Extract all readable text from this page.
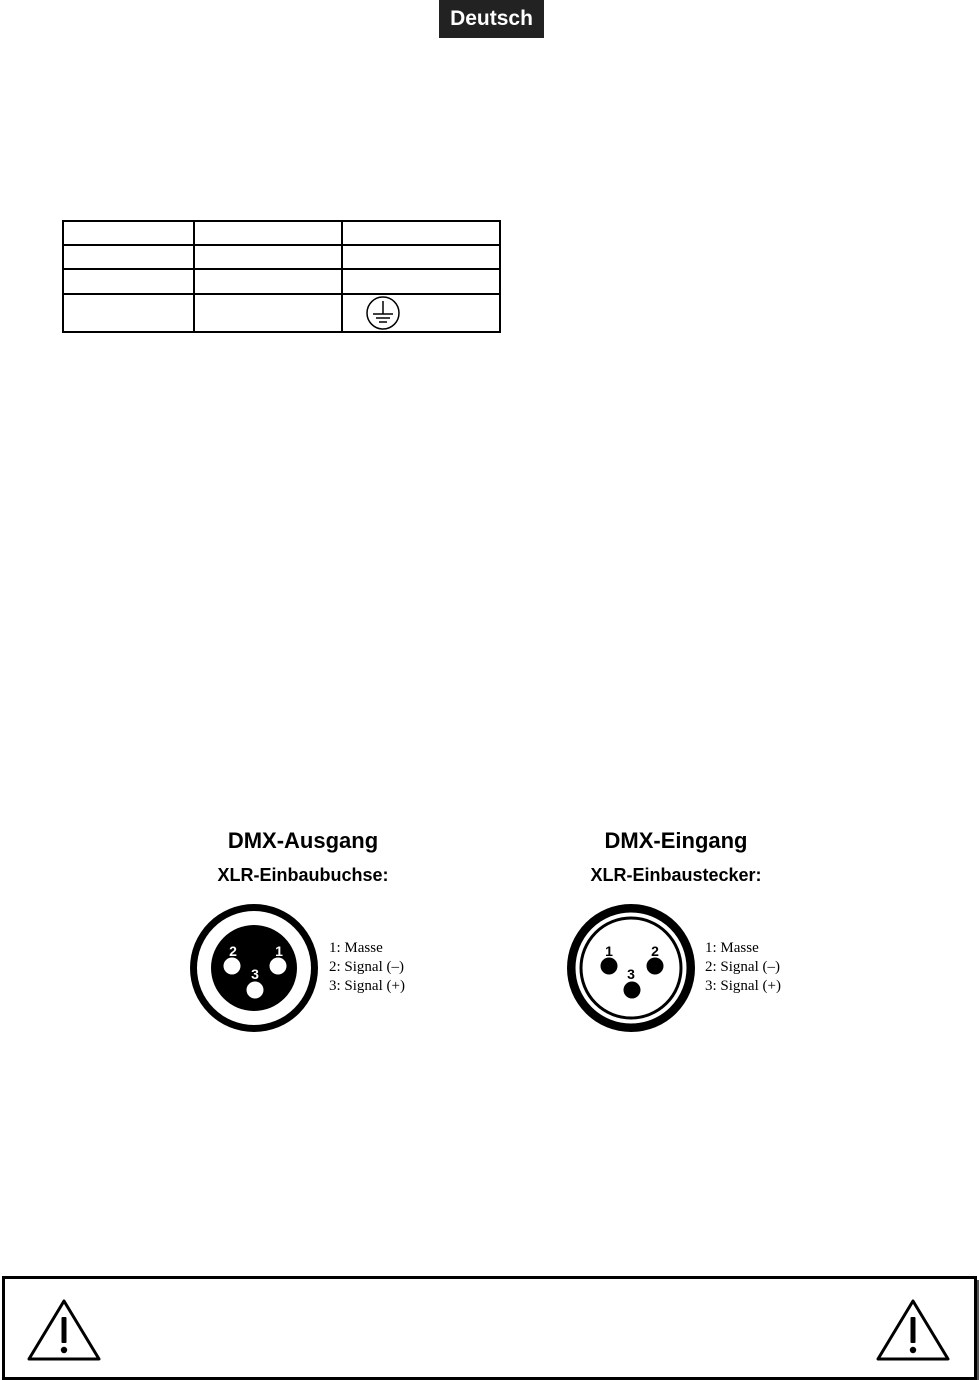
Deutsch

DMX-Ausgang

XLR-Einbaubuchse:

2	1
3
1: Masse
2: Signal (–)
3: Signal (+)

DMX-Eingang

XLR-Einbaustecker:

1	2
3
1: Masse
2: Signal (–)
3: Signal (+)
